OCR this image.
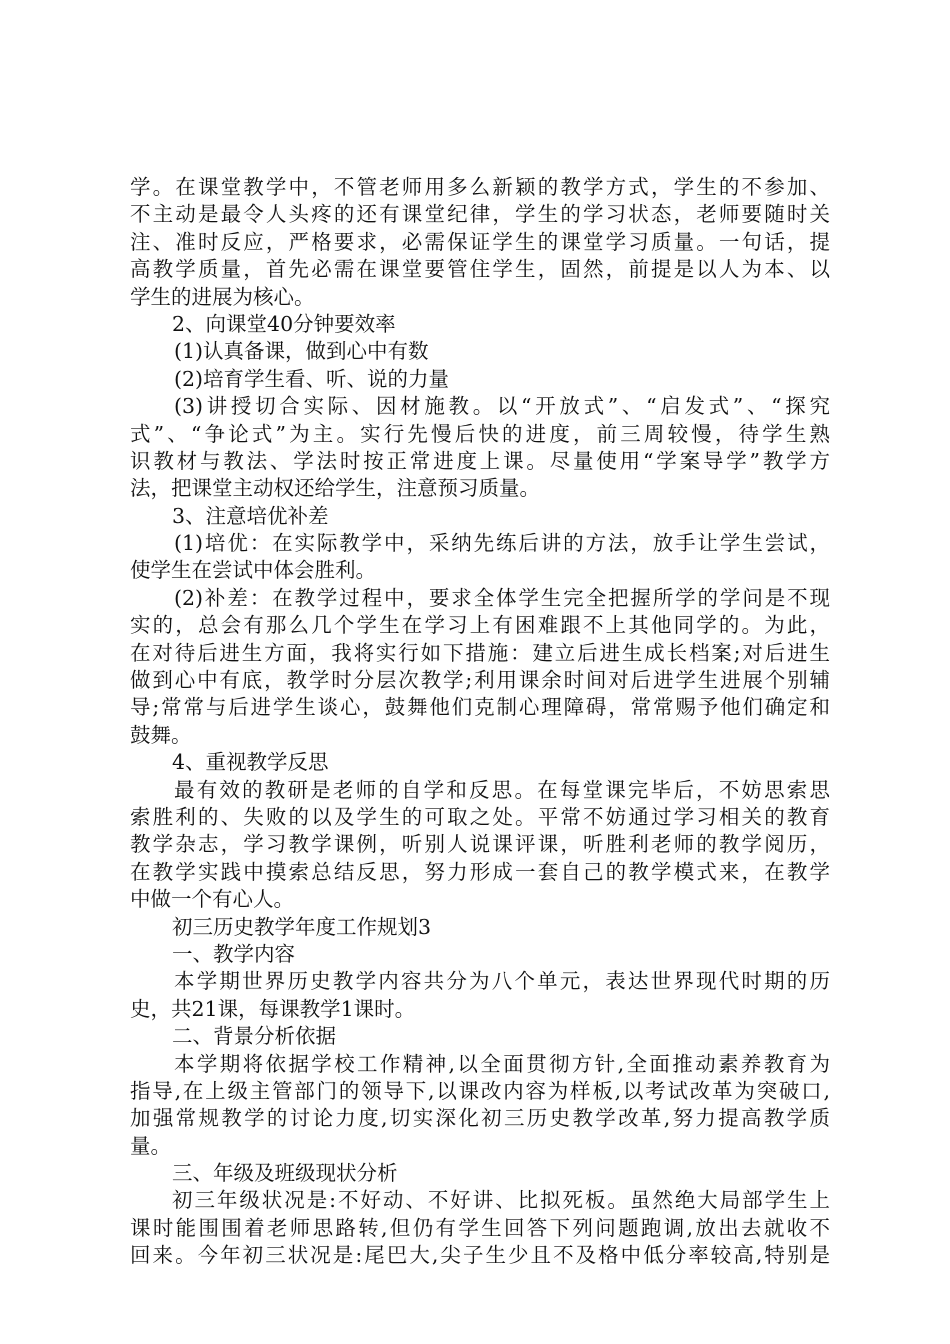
学。在课堂教学中，不管老师用多么新颖的教学方式，学生的不参加、
不主动是最令人头疼的还有课堂纪律，学生的学习状态，老师要随时关
注、准时反应，严格要求，必需保证学生的课堂学习质量。一句话，提
高教学质量，首先必需在课堂要管住学生，固然，前提是以人为本、以
学生的进展为核心。
2、向课堂40分钟要效率
(1)认真备课，做到心中有数
(2)培育学生看、听、说的力量
(3)讲授切合实际、因材施教。以“开放式”、“启发式”、“探究
式”、“争论式”为主。实行先慢后快的进度，前三周较慢，待学生熟
识教材与教法、学法时按正常进度上课。尽量使用“学案导学”教学方
法，把课堂主动权还给学生，注意预习质量。
3、注意培优补差
(1)培优：在实际教学中，采纳先练后讲的方法，放手让学生尝试，
使学生在尝试中体会胜利。
(2)补差：在教学过程中，要求全体学生完全把握所学的学问是不现
实的，总会有那么几个学生在学习上有困难跟不上其他同学的。为此，
在对待后进生方面，我将实行如下措施：建立后进生成长档案;对后进生
做到心中有底，教学时分层次教学;利用课余时间对后进学生进展个别辅
导;常常与后进学生谈心，鼓舞他们克制心理障碍，常常赐予他们确定和
鼓舞。
4、重视教学反思
最有效的教研是老师的自学和反思。在每堂课完毕后，不妨思索思
索胜利的、失败的以及学生的可取之处。平常不妨通过学习相关的教育
教学杂志，学习教学课例，听别人说课评课，听胜利老师的教学阅历，
在教学实践中摸索总结反思，努力形成一套自己的教学模式来，在教学
中做一个有心人。
初三历史教学年度工作规划3
一、教学内容
本学期世界历史教学内容共分为八个单元，表达世界现代时期的历
史，共21课，每课教学1课时。
二、背景分析依据
本学期将依据学校工作精神,以全面贯彻方针,全面推动素养教育为
指导,在上级主管部门的领导下,以课改内容为样板,以考试改革为突破口,
加强常规教学的讨论力度,切实深化初三历史教学改革,努力提高教学质
量。
三、年级及班级现状分析
初三年级状况是:不好动、不好讲、比拟死板。虽然绝大局部学生上
课时能围围着老师思路转,但仍有学生回答下列问题跑调,放出去就收不
回来。今年初三状况是:尾巴大,尖子生少且不及格中低分率较高,特别是
